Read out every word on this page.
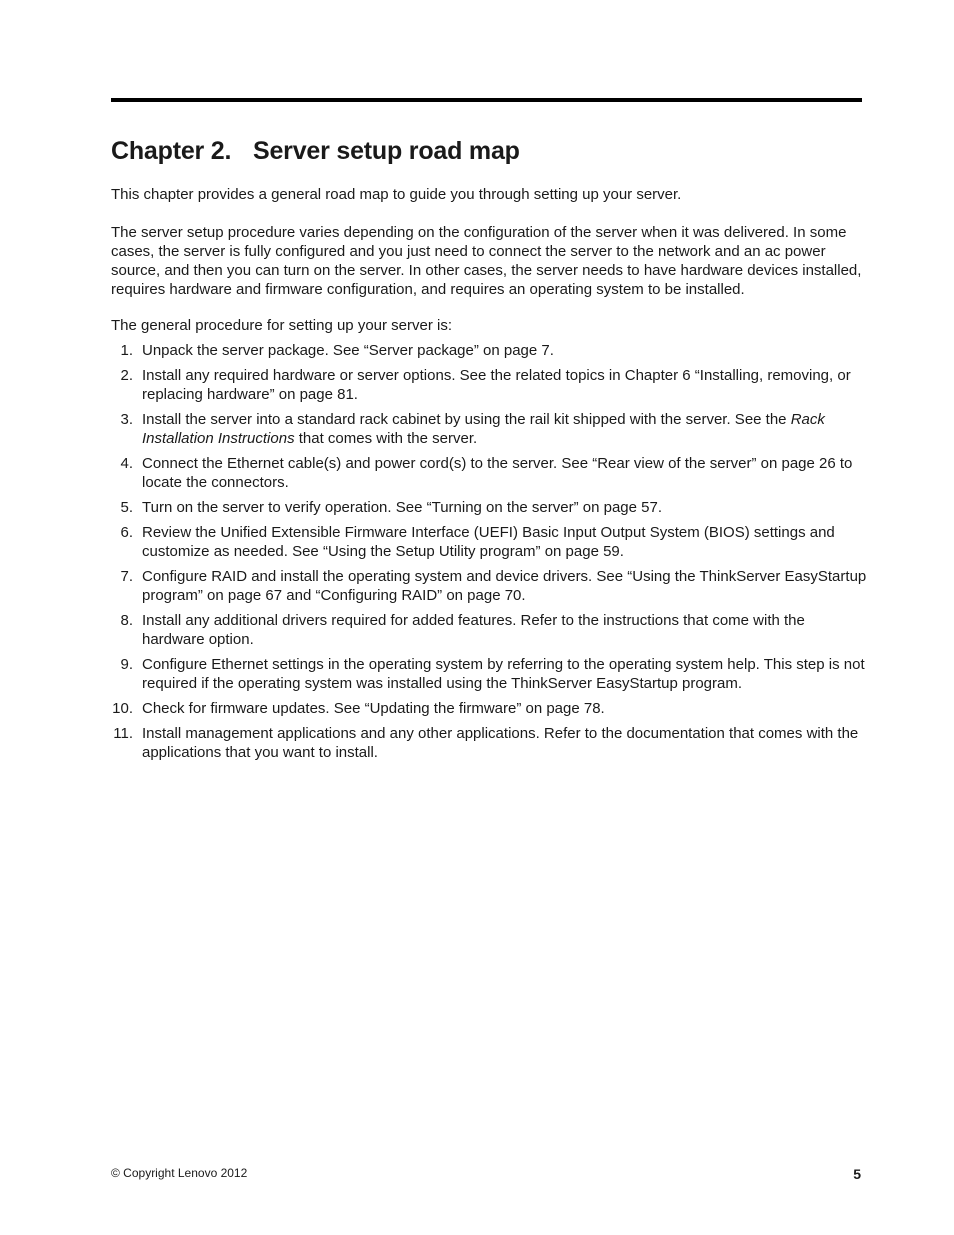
Chapter 2. Server setup road map

This chapter provides a general road map to guide you through setting up your server.

The server setup procedure varies depending on the configuration of the server when it was delivered. In some cases, the server is fully configured and you just need to connect the server to the network and an ac power source, and then you can turn on the server. In other cases, the server needs to have hardware devices installed, requires hardware and firmware configuration, and requires an operating system to be installed.

The general procedure for setting up your server is:

1. Unpack the server package. See “Server package” on page 7.
2. Install any required hardware or server options. See the related topics in Chapter 6 “Installing, removing, or replacing hardware” on page 81.
3. Install the server into a standard rack cabinet by using the rail kit shipped with the server. See the Rack Installation Instructions that comes with the server.
4. Connect the Ethernet cable(s) and power cord(s) to the server. See “Rear view of the server” on page 26 to locate the connectors.
5. Turn on the server to verify operation. See “Turning on the server” on page 57.
6. Review the Unified Extensible Firmware Interface (UEFI) Basic Input Output System (BIOS) settings and customize as needed. See “Using the Setup Utility program” on page 59.
7. Configure RAID and install the operating system and device drivers. See “Using the ThinkServer EasyStartup program” on page 67 and “Configuring RAID” on page 70.
8. Install any additional drivers required for added features. Refer to the instructions that come with the hardware option.
9. Configure Ethernet settings in the operating system by referring to the operating system help. This step is not required if the operating system was installed using the ThinkServer EasyStartup program.
10. Check for firmware updates. See “Updating the firmware” on page 78.
11. Install management applications and any other applications. Refer to the documentation that comes with the applications that you want to install.
© Copyright Lenovo 2012	5
